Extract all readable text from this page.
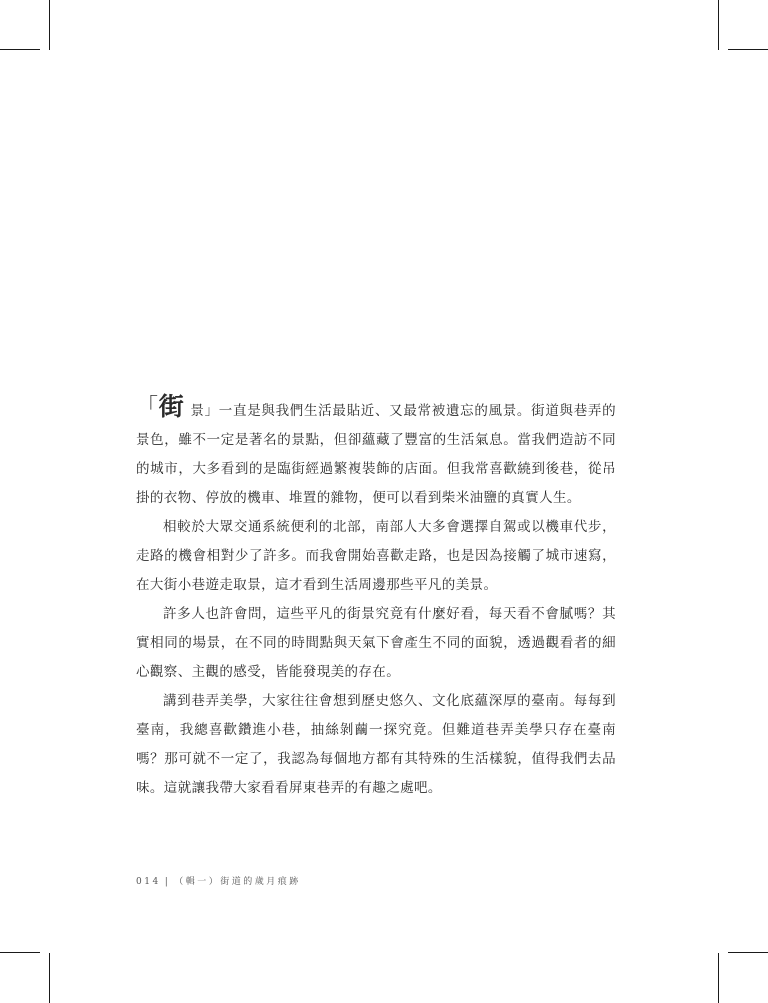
「街 景」一直是與我們生活最貼近、又最常被遺忘的風景。街道與巷弄的景色，雖不一定是著名的景點，但卻蘊藏了豐富的生活氣息。當我們造訪不同的城市，大多看到的是臨街經過繁複裝飾的店面。但我常喜歡繞到後巷，從吊掛的衣物、停放的機車、堆置的雜物，便可以看到柴米油鹽的真實人生。

相較於大眾交通系統便利的北部，南部人大多會選擇自駕或以機車代步，走路的機會相對少了許多。而我會開始喜歡走路，也是因為接觸了城市速寫，在大街小巷遊走取景，這才看到生活周邊那些平凡的美景。

許多人也許會問，這些平凡的街景究竟有什麼好看，每天看不會膩嗎？其實相同的場景，在不同的時間點與天氣下會產生不同的面貌，透過觀看者的細心觀察、主觀的感受，皆能發現美的存在。

講到巷弄美學，大家往往會想到歷史悠久、文化底蘊深厚的臺南。每每到臺南，我總喜歡鑽進小巷，抽絲剝繭一探究竟。但難道巷弄美學只存在臺南嗎？那可就不一定了，我認為每個地方都有其特殊的生活樣貌，值得我們去品味。這就讓我帶大家看看屏東巷弄的有趣之處吧。

014 | （輯一）街道的歲月痕跡
